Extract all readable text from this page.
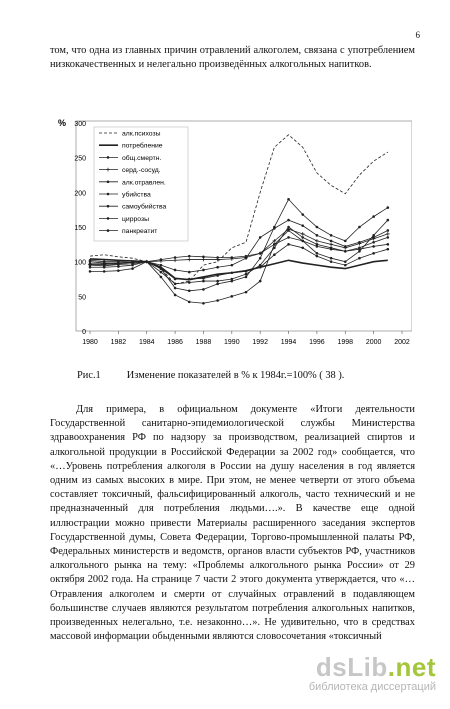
6

том, что одна из главных причин отравлений алкоголем, связана с употреблением низкокачественных и нелегально произведённых алкогольных напитков.

%
0
50
100
150
200
250
300
1980 1982 1984 1986 1988 1990 1992 1994 1996 1998 2000 2002
алк.психозы
потребление
общ.смертн.
серд.-сосуд.
алк.отравлен.
убийства
самоубийства
циррозы
панкреатит
Рис.1	Изменение показателей в % к 1984г.=100% ( 38 ).

Для примера, в официальном документе «Итоги деятельности Государственной санитарно-эпидемиологической службы Министерства здравоохранения РФ по надзору за производством, реализацией спиртов и алкогольной продукции в Российской Федерации за 2002 год» сообщается, что «…Уровень потребления алкоголя в России на душу населения в год является одним из самых высоких в мире. При этом, не менее четверти от этого объема составляет токсичный, фальсифицированный алкоголь, часто технический и не предназначенный для потребления людьми….». В качестве еще одной иллюстрации можно привести Материалы расширенного заседания экспертов Государственной думы, Совета Федерации, Торгово-промышленной палаты РФ, Федеральных министерств и ведомств, органов власти субъектов РФ, участников алкогольного рынка на тему: «Проблемы алкогольного рынка России» от 29 октября 2002 года. На странице 7 части 2 этого документа утверждается, что «…Отравления алкоголем и смерти от случайных отравлений в подавляющем большинстве случаев являются результатом потребления алкогольных напитков, произведенных нелегально, т.е. незаконно…». Не удивительно, что в средствах массовой информации обыденными являются словосочетания «токсичный

dsLib.net
библиотека диссертаций
